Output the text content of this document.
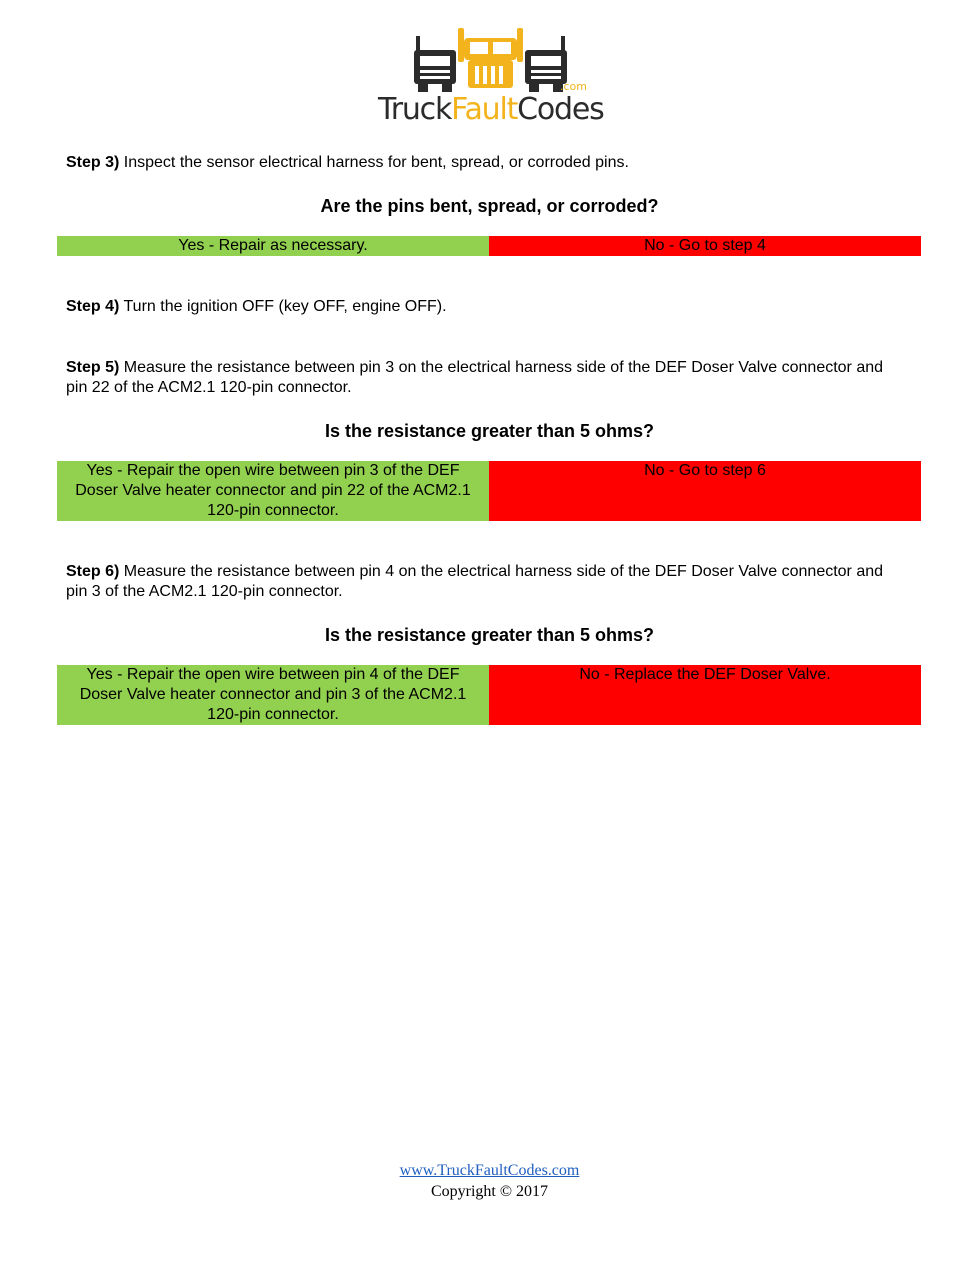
.com
TruckFaultCodes
Step 3) Inspect the sensor electrical harness for bent, spread, or corroded pins.
Are the pins bent, spread, or corroded?
Yes - Repair as necessary.	No - Go to step 4
Step 4) Turn the ignition OFF (key OFF, engine OFF).
Step 5) Measure the resistance between pin 3 on the electrical harness side of the DEF Doser Valve connector and pin 22 of the ACM2.1 120-pin connector.
Is the resistance greater than 5 ohms?
Yes - Repair the open wire between pin 3 of the DEF Doser Valve heater connector and pin 22 of the ACM2.1 120-pin connector.
No - Go to step 6
Step 6) Measure the resistance between pin 4 on the electrical harness side of the DEF Doser Valve connector and pin 3 of the ACM2.1 120-pin connector.
Is the resistance greater than 5 ohms?
Yes - Repair the open wire between pin 4 of the DEF Doser Valve heater connector and pin 3 of the ACM2.1 120-pin connector.
No - Replace the DEF Doser Valve.
www.TruckFaultCodes.com
Copyright © 2017
